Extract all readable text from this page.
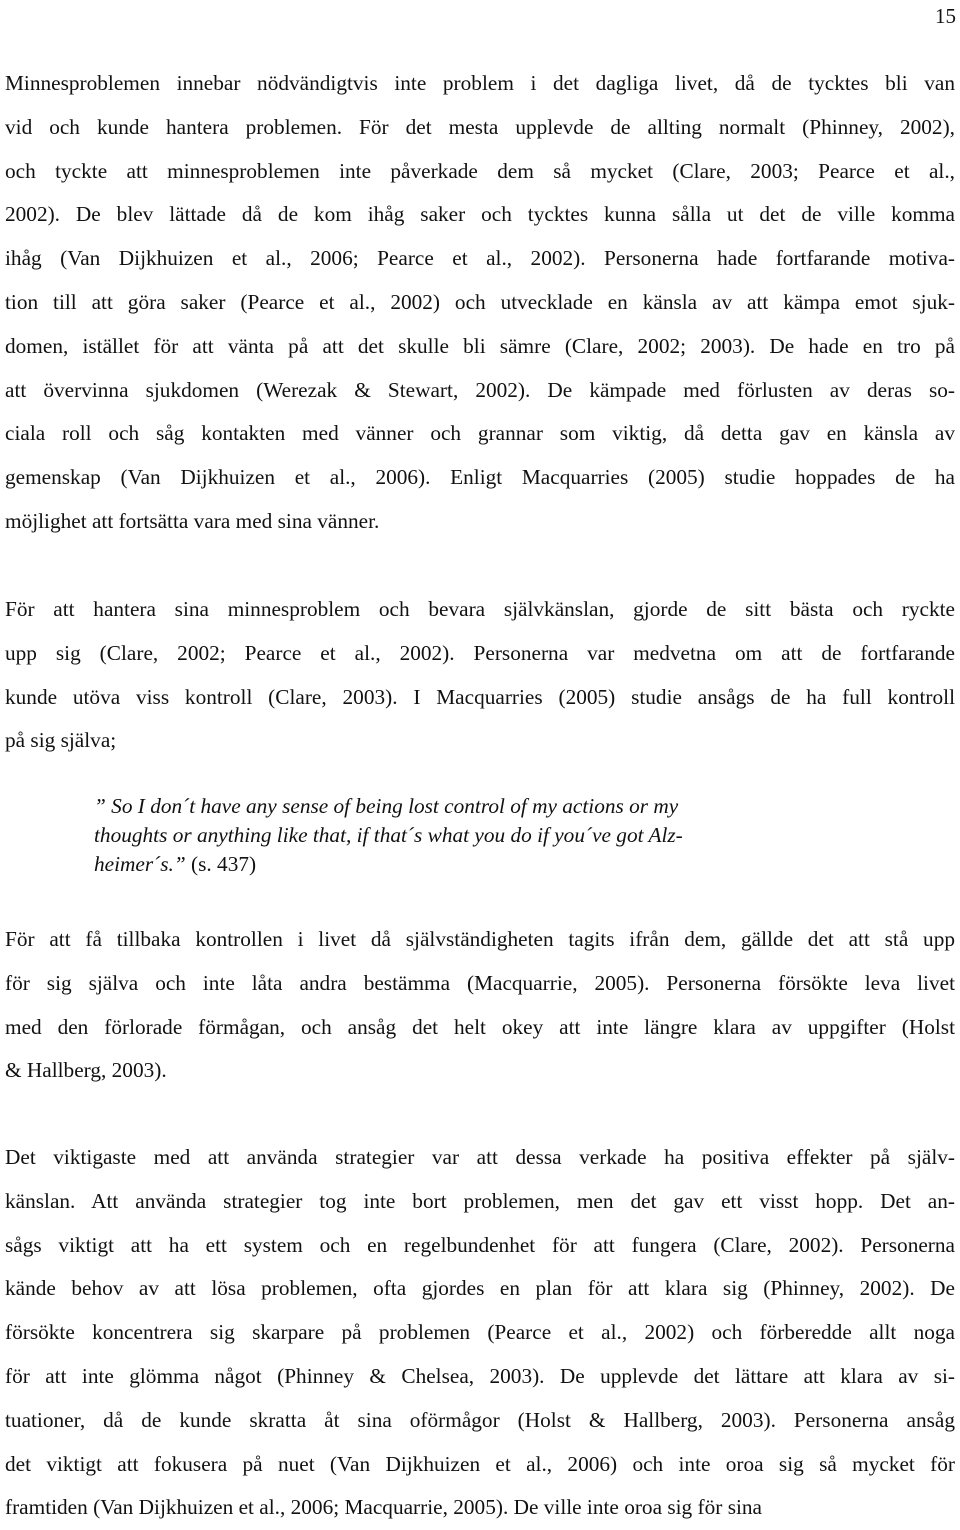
15

Minnesproblemen innebar nödvändigtvis inte problem i det dagliga livet, då de tycktes bli van
vid och kunde hantera problemen. För det mesta upplevde de allting normalt (Phinney, 2002),
och tyckte att minnesproblemen inte påverkade dem så mycket (Clare, 2003; Pearce et al.,
2002). De blev lättade då de kom ihåg saker och tycktes kunna sålla ut det de ville komma
ihåg (Van Dijkhuizen et al., 2006; Pearce et al., 2002). Personerna hade fortfarande motiva-
tion till att göra saker (Pearce et al., 2002) och utvecklade en känsla av att kämpa emot sjuk-
domen, istället för att vänta på att det skulle bli sämre (Clare, 2002; 2003). De hade en tro på
att övervinna sjukdomen (Werezak & Stewart, 2002). De kämpade med förlusten av deras so-
ciala roll och såg kontakten med vänner och grannar som viktig, då detta gav en känsla av
gemenskap (Van Dijkhuizen et al., 2006). Enligt Macquarries (2005) studie hoppades de ha
möjlighet att fortsätta vara med sina vänner.

För att hantera sina minnesproblem och bevara självkänslan, gjorde de sitt bästa och ryckte
upp sig (Clare, 2002; Pearce et al., 2002). Personerna var medvetna om att de fortfarande
kunde utöva viss kontroll (Clare, 2003). I Macquarries (2005) studie ansågs de ha full kontroll
på sig själva;

” So I don´t have any sense of being lost control of my actions or my
thoughts or anything like that, if that´s what you do if you´ve got Alz-
heimer´s.” (s. 437)

För att få tillbaka kontrollen i livet då självständigheten tagits ifrån dem, gällde det att stå upp
för sig själva och inte låta andra bestämma (Macquarrie, 2005). Personerna försökte leva livet
med den förlorade förmågan, och ansåg det helt okey att inte längre klara av uppgifter (Holst
& Hallberg, 2003).

Det viktigaste med att använda strategier var att dessa verkade ha positiva effekter på själv-
känslan. Att använda strategier tog inte bort problemen, men det gav ett visst hopp. Det an-
sågs viktigt att ha ett system och en regelbundenhet för att fungera (Clare, 2002). Personerna
kände behov av att lösa problemen, ofta gjordes en plan för att klara sig (Phinney, 2002). De
försökte koncentrera sig skarpare på problemen (Pearce et al., 2002) och förberedde allt noga
för att inte glömma något (Phinney & Chelsea, 2003). De upplevde det lättare att klara av si-
tuationer, då de kunde skratta åt sina oförmågor (Holst & Hallberg, 2003). Personerna ansåg
det viktigt att fokusera på nuet (Van Dijkhuizen et al., 2006) och inte oroa sig så mycket för
framtiden (Van Dijkhuizen et al., 2006; Macquarrie, 2005). De ville inte oroa sig för sina
